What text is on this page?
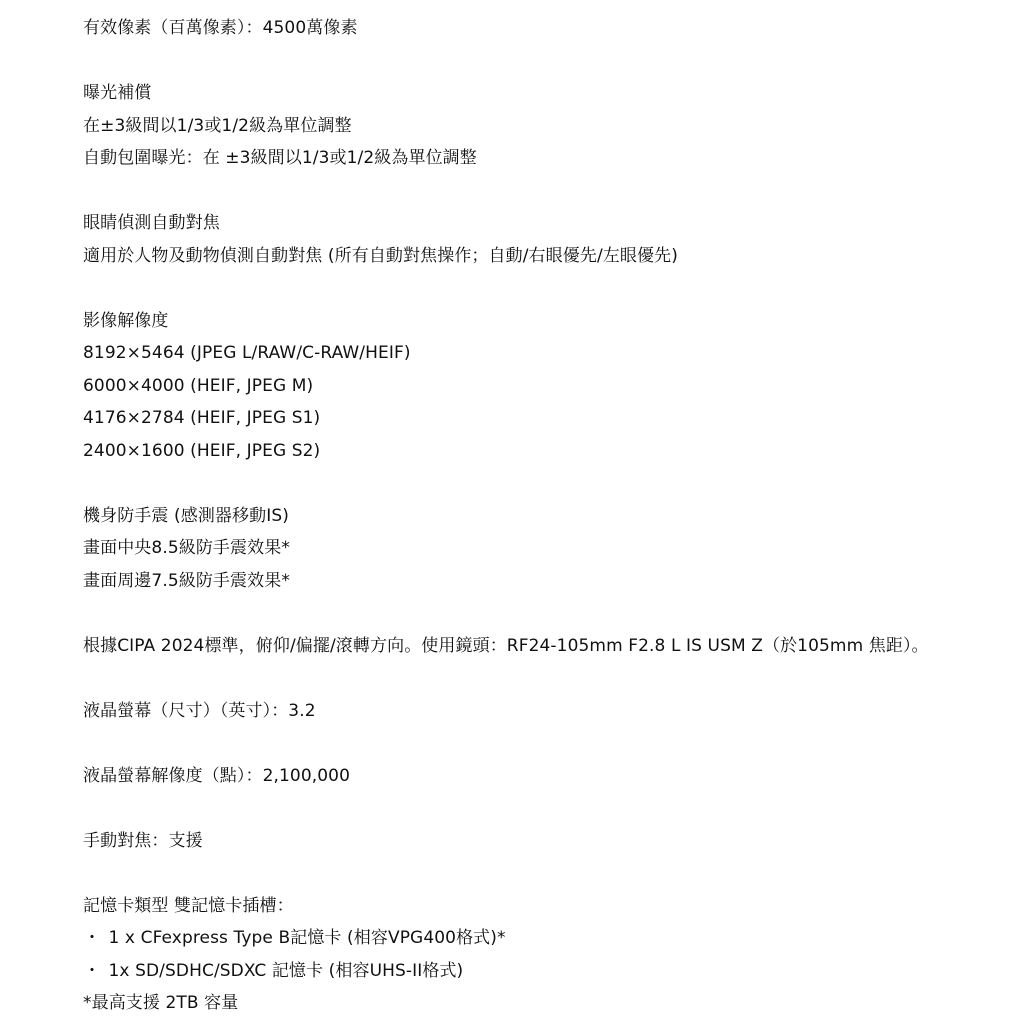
有效像素（百萬像素）：4500萬像素
曝光補償
在±3級間以1/3或1/2級為單位調整
自動包圍曝光：在 ±3級間以1/3或1/2級為單位調整
眼睛偵測自動對焦
適用於人物及動物偵測自動對焦 (所有自動對焦操作；自動/右眼優先/左眼優先)
影像解像度
8192×5464 (JPEG L/RAW/C-RAW/HEIF)
6000×4000 (HEIF, JPEG M)
4176×2784 (HEIF, JPEG S1)
2400×1600 (HEIF, JPEG S2)
機身防手震 (感測器移動IS)
畫面中央8.5級防手震效果*
畫面周邊7.5級防手震效果*
根據CIPA 2024標準，俯仰/偏擺/滾轉方向。使用鏡頭：RF24-105mm F2.8 L IS USM Z（於105mm 焦距）。
液晶螢幕（尺寸）（英寸）：3.2
液晶螢幕解像度（點）：2,100,000
手動對焦：支援
記憶卡類型 雙記憶卡插槽：
・ 1 x CFexpress Type B記憶卡 (相容VPG400格式)*
・ 1x SD/SDHC/SDXC 記憶卡 (相容UHS-II格式)
*最高支援 2TB 容量
